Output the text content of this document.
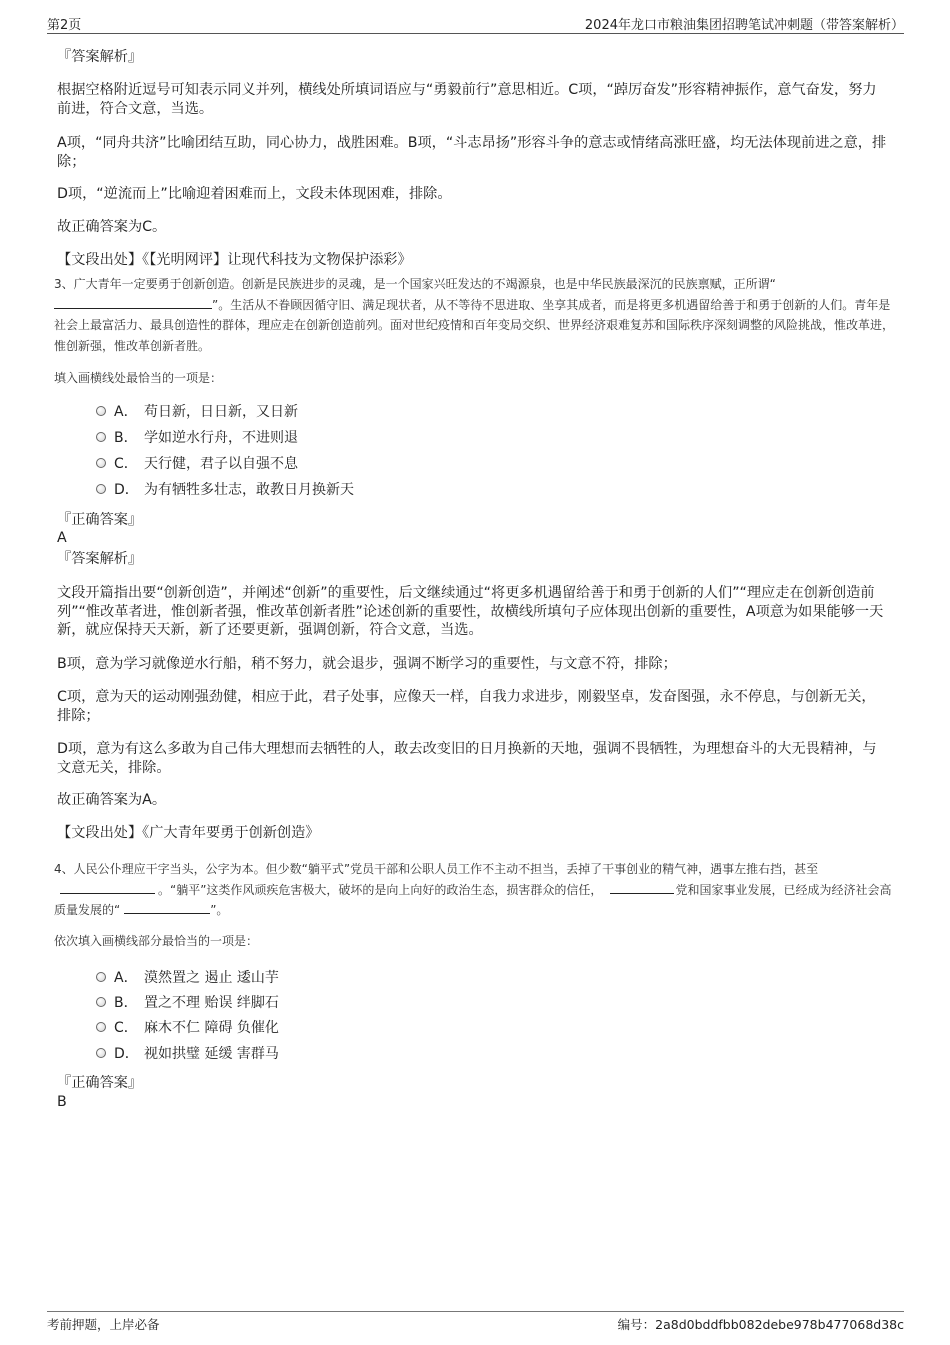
第2页	2024年龙口市粮油集团招聘笔试冲刺题（带答案解析）
『答案解析』
根据空格附近逗号可知表示同义并列，横线处所填词语应与“勇毅前行”意思相近。C项，“踔厉奋发”形容精神振作，意气奋发，努力前进，符合文意，当选。
A项，“同舟共济”比喻团结互助，同心协力，战胜困难。B项，“斗志昂扬”形容斗争的意志或情绪高涨旺盛，均无法体现前进之意，排除；
D项，“逆流而上”比喻迎着困难而上，文段未体现困难，排除。
故正确答案为C。
【文段出处】《【光明网评】让现代科技为文物保护添彩》
3、广大青年一定要勇于创新创造。创新是民族进步的灵魂，是一个国家兴旺发达的不竭源泉，也是中华民族最深沉的民族禀赋，正所谓“
”。生活从不眷顾因循守旧、满足现状者，从不等待不思进取、坐享其成者，而是将更多机遇留给善于和勇于创新的人们。青年是社会上最富活力、最具创造性的群体，理应走在创新创造前列。面对世纪疫情和百年变局交织、世界经济艰难复苏和国际秩序深刻调整的风险挑战，惟改革进，惟创新强，惟改革创新者胜。
填入画横线处最恰当的一项是：
A． 苟日新，日日新，又日新
B． 学如逆水行舟，不进则退
C． 天行健，君子以自强不息
D． 为有牺牲多壮志，敢教日月换新天
『正确答案』
A
『答案解析』
文段开篇指出要“创新创造”，并阐述“创新”的重要性，后文继续通过“将更多机遇留给善于和勇于创新的人们”“理应走在创新创造前列”“惟改革者进，惟创新者强，惟改革创新者胜”论述创新的重要性，故横线所填句子应体现出创新的重要性，A项意为如果能够一天新，就应保持天天新，新了还要更新，强调创新，符合文意，当选。
B项，意为学习就像逆水行船，稍不努力，就会退步，强调不断学习的重要性，与文意不符，排除；
C项，意为天的运动刚强劲健，相应于此，君子处事，应像天一样，自我力求进步，刚毅坚卓，发奋图强，永不停息，与创新无关，排除；
D项，意为有这么多敢为自己伟大理想而去牺牲的人，敢去改变旧的日月换新的天地，强调不畏牺牲，为理想奋斗的大无畏精神，与文意无关，排除。
故正确答案为A。
【文段出处】《广大青年要勇于创新创造》
4、人民公仆理应干字当头，公字为本。但少数“躺平式”党员干部和公职人员工作不主动不担当，丢掉了干事创业的精气神，遇事左推右挡，甚至。“躺平”这类作风顽疾危害极大，破坏的是向上向好的政治生态，损害群众的信任，	党和国家事业发展，已经成为经济社会高质量发展的“	”。
依次填入画横线部分最恰当的一项是：
A． 漠然置之 遏止 逶山芋
B． 置之不理 贻误 绊脚石
C． 麻木不仁 障碍 负催化
D． 视如拱璧 延缓 害群马
『正确答案』
B
考前押题，上岸必备	编号：2a8d0bddfbb082debe978b477068d38c
